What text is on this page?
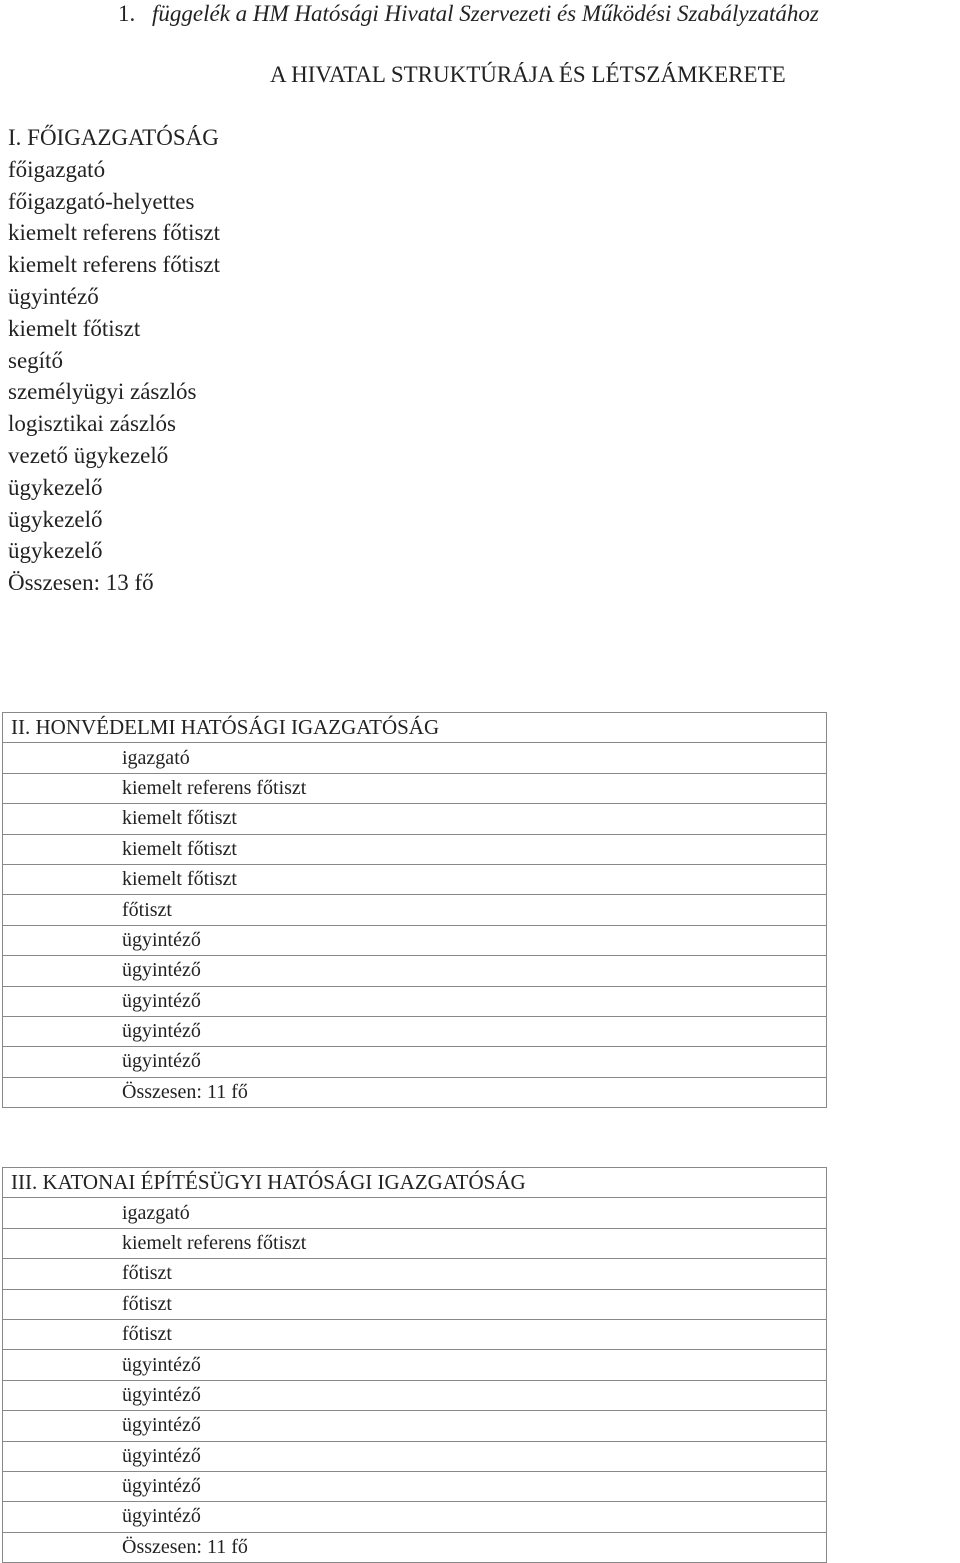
1. függelék a HM Hatósági Hivatal Szervezeti és Működési Szabályzatához
A HIVATAL STRUKTÚRÁJA ÉS LÉTSZÁMKERETE
I. FŐIGAZGATÓSÁG
főigazgató
főigazgató-helyettes
kiemelt referens főtiszt
kiemelt referens főtiszt
ügyintéző
kiemelt főtiszt
segítő
személyügyi zászlós
logisztikai zászlós
vezető ügykezelő
ügykezelő
ügykezelő
ügykezelő
Összesen: 13 fő
II. HONVÉDELMI HATÓSÁGI IGAZGATÓSÁG
igazgató
kiemelt referens főtiszt
kiemelt főtiszt
kiemelt főtiszt
kiemelt főtiszt
főtiszt
ügyintéző
ügyintéző
ügyintéző
ügyintéző
ügyintéző
Összesen: 11 fő
III. KATONAI ÉPÍTÉSÜGYI HATÓSÁGI IGAZGATÓSÁG
igazgató
kiemelt referens főtiszt
főtiszt
főtiszt
főtiszt
ügyintéző
ügyintéző
ügyintéző
ügyintéző
ügyintéző
ügyintéző
Összesen: 11 fő
